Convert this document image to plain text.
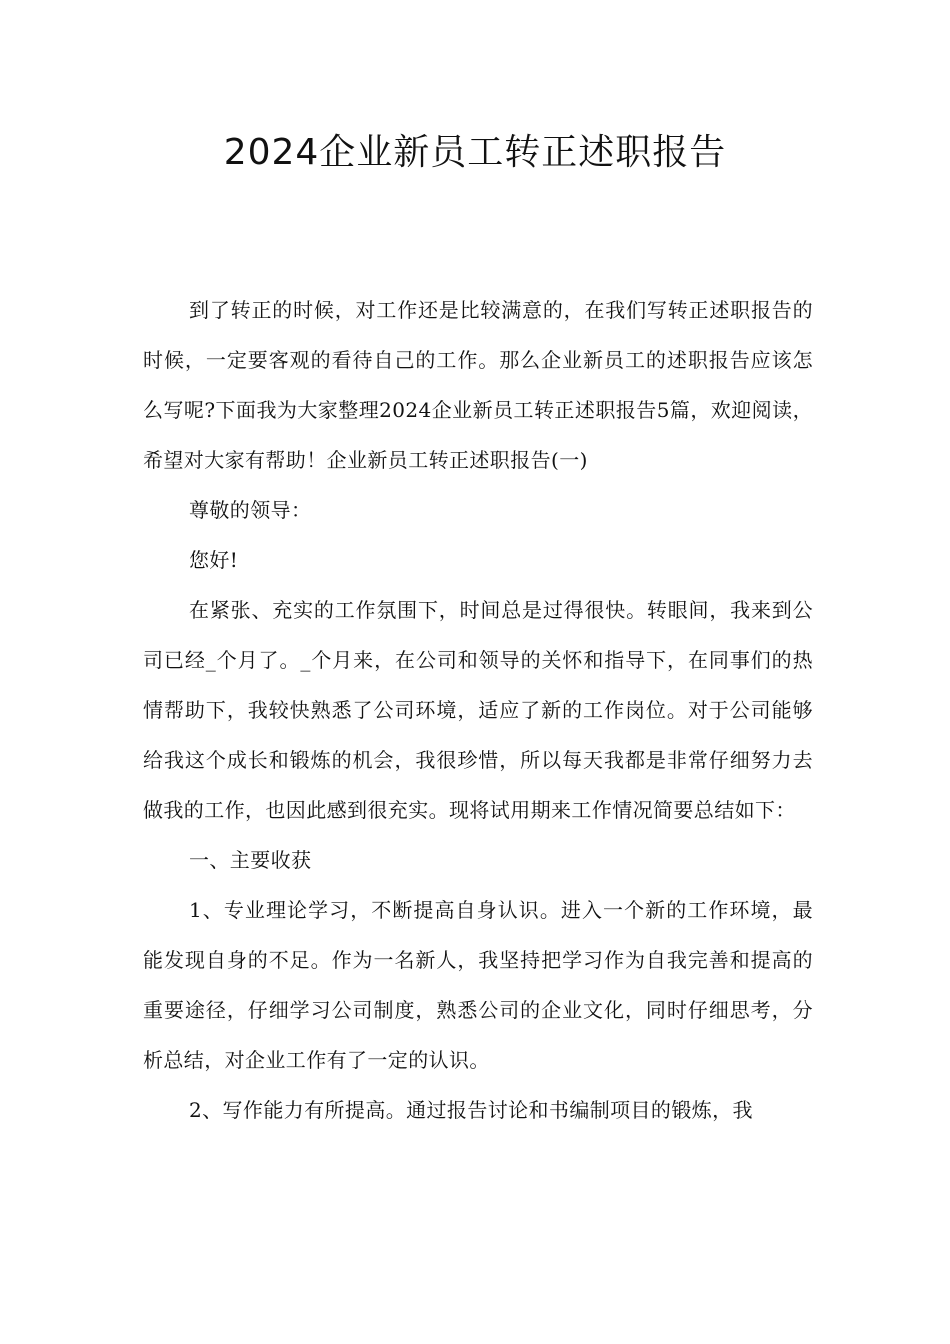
2024企业新员工转正述职报告

到了转正的时候，对工作还是比较满意的，在我们写转正述职报告的时候，一定要客观的看待自己的工作。那么企业新员工的述职报告应该怎么写呢?下面我为大家整理2024企业新员工转正述职报告5篇，欢迎阅读，希望对大家有帮助！企业新员工转正述职报告(一)

尊敬的领导：

您好!

在紧张、充实的工作氛围下，时间总是过得很快。转眼间，我来到公司已经_个月了。_个月来，在公司和领导的关怀和指导下，在同事们的热情帮助下，我较快熟悉了公司环境，适应了新的工作岗位。对于公司能够给我这个成长和锻炼的机会，我很珍惜，所以每天我都是非常仔细努力去做我的工作，也因此感到很充实。现将试用期来工作情况简要总结如下：

一、主要收获

1、专业理论学习，不断提高自身认识。进入一个新的工作环境，最能发现自身的不足。作为一名新人，我坚持把学习作为自我完善和提高的重要途径，仔细学习公司制度，熟悉公司的企业文化，同时仔细思考，分析总结，对企业工作有了一定的认识。

2、写作能力有所提高。通过报告讨论和书编制项目的锻炼，我
